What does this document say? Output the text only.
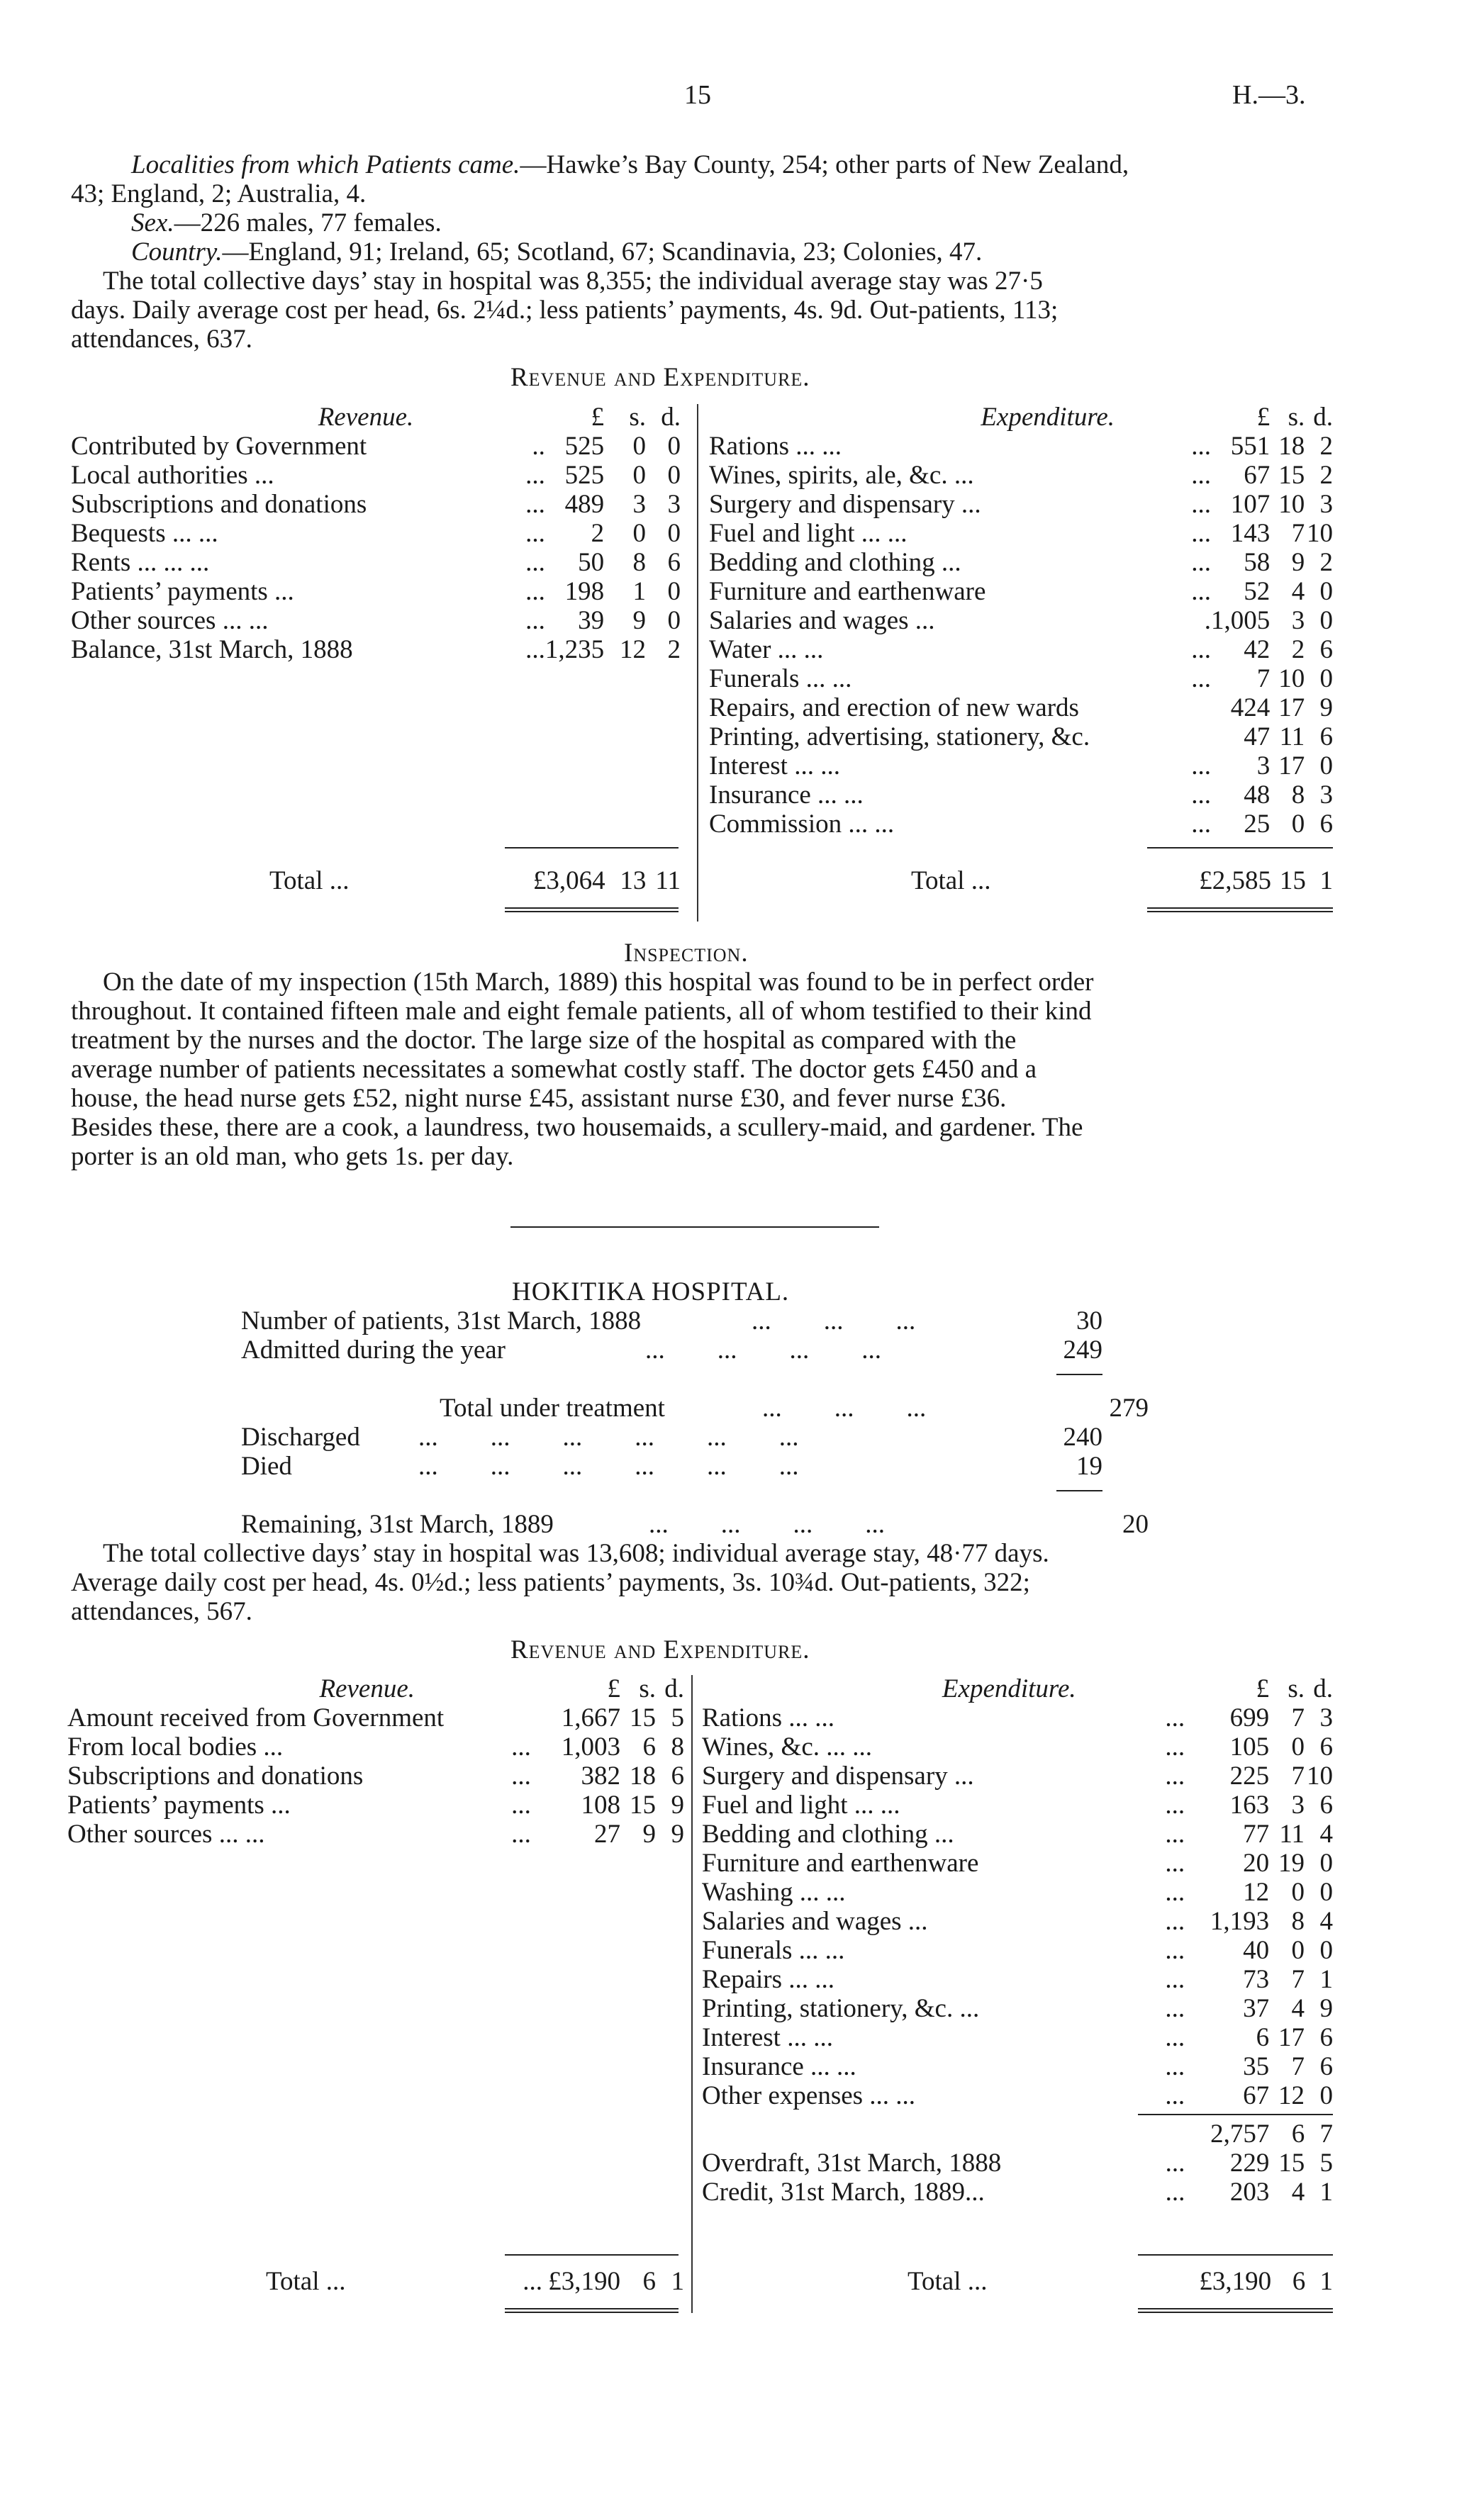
15	H.—3.
Localities from which Patients came.—Hawke’s Bay County, 254; other parts of New Zealand,
43; England, 2; Australia, 4.
Sex.—226 males, 77 females.
Country.—England, 91; Ireland, 65; Scotland, 67; Scandinavia, 23; Colonies, 47.
The total collective days’ stay in hospital was 8,355; the individual average stay was 27·5
days. Daily average cost per head, 6s. 2¼d.; less patients’ payments, 4s. 9d. Out-patients, 113;
attendances, 637.
Revenue and Expenditure.
Revenue.		£	s.	d.
Contributed by Government	..	525	0	0
Local authorities ...	...	525	0	0
Subscriptions and donations	...	489	3	3
Bequests ... ...	...	2	0	0
Rents ... ... ...	...	50	8	6
Patients’ payments ...	...	198	1	0
Other sources ... ...	...	39	9	0
Balance, 31st March, 1888	...	1,235	12	2
Expenditure.		£	s.	d.
Rations ... ...	...	551	18	2
Wines, spirits, ale, &c. ...	...	67	15	2
Surgery and dispensary ...	...	107	10	3
Fuel and light ... ...	...	143	7	10
Bedding and clothing ...	...	58	9	2
Furniture and earthenware	...	52	4	0
Salaries and wages ...	.	1,005	3	0
Water ... ...	...	42	2	6
Funerals ... ...	...	7	10	0
Repairs, and erection of new wards		424	17	9
Printing, advertising, stationery, &c.		47	11	6
Interest ... ...	...	3	17	0
Insurance ... ...	...	48	8	3
Commission ... ...	...	25	0	6
Total ...		£3,064	13	11	Total ...		£2,585	15	1
Inspection.
On the date of my inspection (15th March, 1889) this hospital was found to be in perfect order
throughout. It contained fifteen male and eight female patients, all of whom testified to their kind
treatment by the nurses and the doctor. The large size of the hospital as compared with the
average number of patients necessitates a somewhat costly staff. The doctor gets £450 and a
house, the head nurse gets £52, night nurse £45, assistant nurse £30, and fever nurse £36.
Besides these, there are a cook, a laundress, two housemaids, a scullery-maid, and gardener. The
porter is an old man, who gets 1s. per day.
HOKITIKA HOSPITAL.
Number of patients, 31st March, 1888	...        ...        ...	30
Admitted during the year	...        ...        ...        ...	249
Total under treatment	...        ...        ...	279
Discharged ...        ...        ...        ...        ...        ...	240
Died	...        ...        ...        ...        ...        ...	19
Remaining, 31st March, 1889	...        ...        ...        ...	20
The total collective days’ stay in hospital was 13,608; individual average stay, 48·77 days.
Average daily cost per head, 4s. 0½d.; less patients’ payments, 3s. 10¾d. Out-patients, 322;
attendances, 567.
Revenue and Expenditure.
Revenue.		£	s.	d.
Amount received from Government		1,667	15	5
From local bodies ...	...	1,003	6	8
Subscriptions and donations	...	382	18	6
Patients’ payments ...	...	108	15	9
Other sources ... ...	...	27	9	9
Expenditure.		£	s.	d.
Rations ... ...	...	699	7	3
Wines, &c. ... ...	...	105	0	6
Surgery and dispensary ...	...	225	7	10
Fuel and light ... ...	...	163	3	6
Bedding and clothing ...	...	77	11	4
Furniture and earthenware	...	20	19	0
Washing ... ...	...	12	0	0
Salaries and wages ...	...	1,193	8	4
Funerals ... ...	...	40	0	0
Repairs ... ...	...	73	7	1
Printing, stationery, &c. ...	...	37	4	9
Interest ... ...	...	6	17	6
Insurance ... ...	...	35	7	6
Other expenses ... ...	...	67	12	0
		2,757	6	7
Overdraft, 31st March, 1888	...	229	15	5
Credit, 31st March, 1889...	...	203	4	1
Total ...	...	£3,190	6	1	Total ...		£3,190	6	1
